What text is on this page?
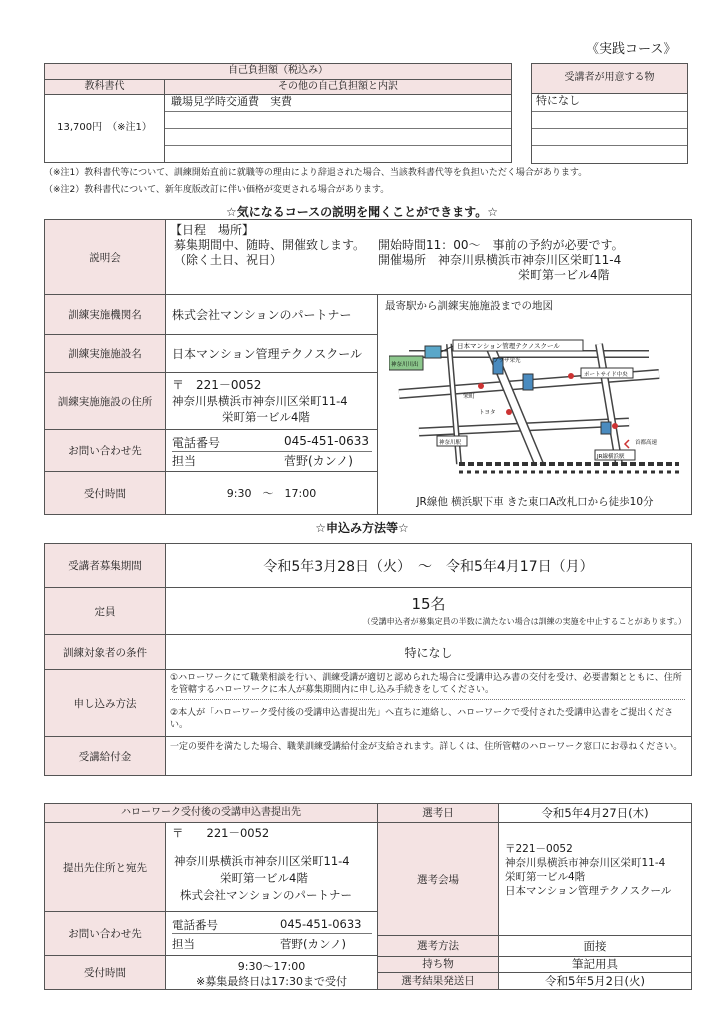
《実践コース》
自己負担額（税込み）	
教科書代	その他の自己負担額と内訳
13,700円　（※注1）	職場見学時交通費　実費
受講者が用意する物

特になし
（※注1）教科書代等について、訓練開始直前に就職等の理由により辞退された場合、当該教科書代等を負担いただく場合があります。
（※注2）教科書代について、新年度版改訂に伴い価格が変更される場合があります。
☆気になるコースの説明を聞くことができます。☆
説明会
【日程　場所】
募集期間中、随時、開催致します。
（除く土日、祝日）
開始時間11：00～　事前の予約が必要です。
開催場所　神奈川県横浜市神奈川区栄町11-4
栄町第一ビル4階
訓練実施機関名	株式会社マンションのパートナー
訓練実施施設名	日本マンション管理テクノスクール
訓練実施施設の住所
〒　221－0052
神奈川県横浜市神奈川区栄町11-4
栄町第一ビル4階
お問い合わせ先
電話番号	045-451-0633
担当	菅野(カンノ)
受付時間	9:30　～　17:00
最寄駅から訓練実施施設までの地図
神奈川川出
日本マンション管理テクノスクール
プラザ栄光
ポートサイド中央
栄町
トヨタ
神奈川駅
JR線横浜駅
首都高速
JR線他 横浜駅下車 きた東口A改札口から徒歩10分
☆申込み方法等☆
受講者募集期間	令和5年3月28日（火）　～　令和5年4月17日（月）
定員	15名
（受講申込者が募集定員の半数に満たない場合は訓練の実施を中止することがあります。）
訓練対象者の条件	特になし
申し込み方法
①ハローワークにて職業相談を行い、訓練受講が適切と認められた場合に受講申込み書の交付を受け、必要書類とともに、住所を管轄するハローワークに本人が募集期間内に申し込み手続きをしてください。
②本人が「ハローワーク受付後の受講申込書提出先」へ直ちに連絡し、ハローワークで受付された受講申込書をご提出ください。
受講給付金
一定の要件を満たした場合、職業訓練受講給付金が支給されます。詳しくは、住所管轄のハローワーク窓口にお尋ねください。
ハローワーク受付後の受講申込書提出先
提出先住所と宛先
〒　　221－0052
神奈川県横浜市神奈川区栄町11-4
栄町第一ビル4階
株式会社マンションのパートナー
お問い合わせ先
電話番号	045-451-0633
担当	菅野(カンノ)
受付時間	9:30～17:00
※募集最終日は17:30まで受付
選考日	令和5年4月27日(木)
選考会場
〒221－0052
神奈川県横浜市神奈川区栄町11-4
栄町第一ビル4階
日本マンション管理テクノスクール
選考方法	面接
持ち物	筆記用具
選考結果発送日	令和5年5月2日(火)
